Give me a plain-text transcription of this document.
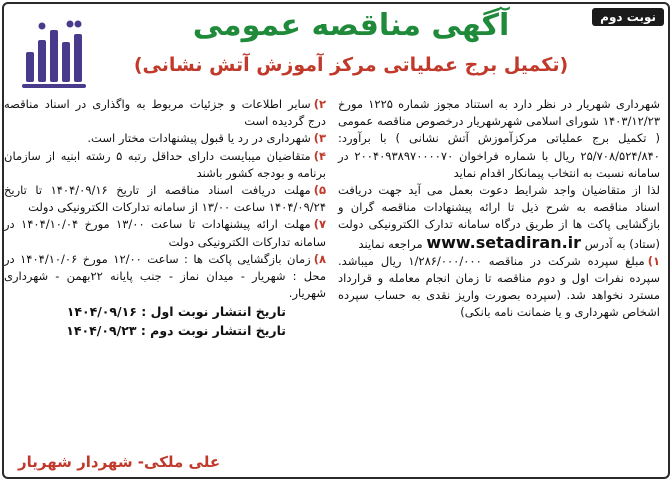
نوبت دوم
آگهی مناقصه عمومی
(تکمیل برج عملیاتی مرکز آموزش آتش نشانی)

شهرداری شهریار در نظر دارد به استناد مجوز شماره ۱۲۲۵ مورخ ۱۴۰۳/۱۲/۲۳ شورای اسلامی شهرشهریار درخصوص مناقصه عمومی ( تکمیل برج عملیاتی مرکزآموزش آتش نشانی ) با برآورد: ۲۵/۷۰۸/۵۲۴/۸۴۰ ریال با شماره فراخوان ۲۰۰۴۰۹۳۸۹۷۰۰۰۰۷۰ در سامانه نسبت به انتخاب پیمانکار اقدام نماید

لذا از متقاضیان واجد شرایط دعوت بعمل می آید جهت دریافت اسناد مناقصه به شرح ذیل تا ارائه پیشنهادات مناقصه گران و بازگشایی پاکت ها از طریق درگاه سامانه تدارک الکترونیکی دولت (ستاد) به آدرس www.setadiran.ir مراجعه نمایند

۱)مبلغ سپرده شرکت در مناقصه ۱/۲۸۶/۰۰۰/۰۰۰ ریال میباشد. سپرده نفرات اول و دوم مناقصه تا زمان انجام معامله و قرارداد مسترد نخواهد شد. (سپرده بصورت واریز نقدی به حساب سپرده اشخاص شهرداری و یا ضمانت نامه بانکی)

۲)سایر اطلاعات و جزئیات مربوط به واگذاری در اسناد مناقصه درج گردیده است

۳)شهرداری در رد یا قبول پیشنهادات مختار است.

۴)متقاضیان میبایست دارای حداقل رتبه ۵ رشته ابنیه از سازمان برنامه و بودجه کشور باشند

۵)مهلت دریافت اسناد مناقصه از تاریخ ۱۴۰۴/۰۹/۱۶ تا تاریخ ۱۴۰۴/۰۹/۲۴ ساعت ۱۳/۰۰ از سامانه تدارکات الکترونیکی دولت

۷)مهلت ارائه پیشنهادات تا ساعت ۱۳/۰۰ مورخ ۱۴۰۴/۱۰/۰۴ در سامانه تدارکات الکترونیکی دولت

۸)زمان بازگشایی پاکت ها : ساعت ۱۲/۰۰ مورخ ۱۴۰۴/۱۰/۰۶ در محل : شهریار - میدان نماز - جنب پایانه ۲۲بهمن - شهرداری شهریار.

تاریخ انتشار نوبت اول : ۱۴۰۴/۰۹/۱۶

تاریخ انتشار نوبت دوم : ۱۴۰۴/۰۹/۲۳

علی ملکی- شهردار شهریار
